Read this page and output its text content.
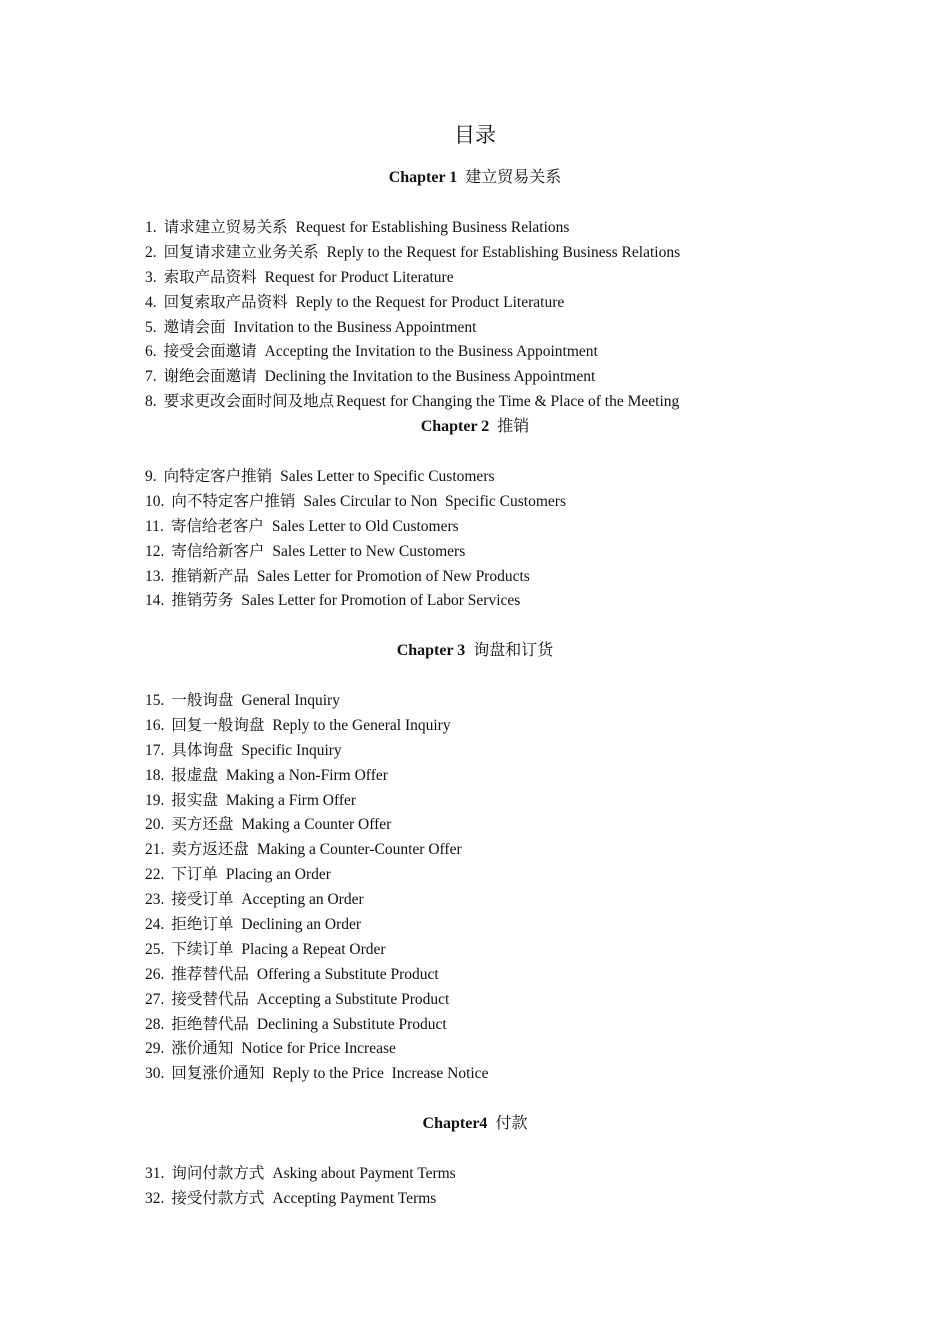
目录
Chapter 1 建立贸易关系
1. 请求建立贸易关系 Request for Establishing Business Relations
2. 回复请求建立业务关系 Reply to the Request for Establishing Business Relations
3. 索取产品资料 Request for Product Literature
4. 回复索取产品资料 Reply to the Request for Product Literature
5. 邀请会面 Invitation to the Business Appointment
6. 接受会面邀请 Accepting the Invitation to the Business Appointment
7. 谢绝会面邀请 Declining the Invitation to the Business Appointment
8. 要求更改会面时间及地点 Request for Changing the Time & Place of the Meeting
Chapter 2 推销
9. 向特定客户推销 Sales Letter to Specific Customers
10. 向不特定客户推销 Sales Circular to Non  Specific Customers
11. 寄信给老客户 Sales Letter to Old Customers
12. 寄信给新客户 Sales Letter to New Customers
13. 推销新产品 Sales Letter for Promotion of New Products
14. 推销劳务 Sales Letter for Promotion of Labor Services
Chapter 3 询盘和订货
15. 一般询盘 General Inquiry
16. 回复一般询盘 Reply to the General Inquiry
17. 具体询盘 Specific Inquiry
18. 报虚盘 Making a Non-Firm Offer
19. 报实盘 Making a Firm Offer
20. 买方还盘 Making a Counter Offer
21. 卖方返还盘 Making a Counter-Counter Offer
22. 下订单 Placing an Order
23. 接受订单 Accepting an Order
24. 拒绝订单 Declining an Order
25. 下续订单 Placing a Repeat Order
26. 推荐替代品 Offering a Substitute Product
27. 接受替代品 Accepting a Substitute Product
28. 拒绝替代品 Declining a Substitute Product
29. 涨价通知 Notice for Price Increase
30. 回复涨价通知 Reply to the Price  Increase Notice
Chapter4 付款
31. 询问付款方式 Asking about Payment Terms
32. 接受付款方式 Accepting Payment Terms
